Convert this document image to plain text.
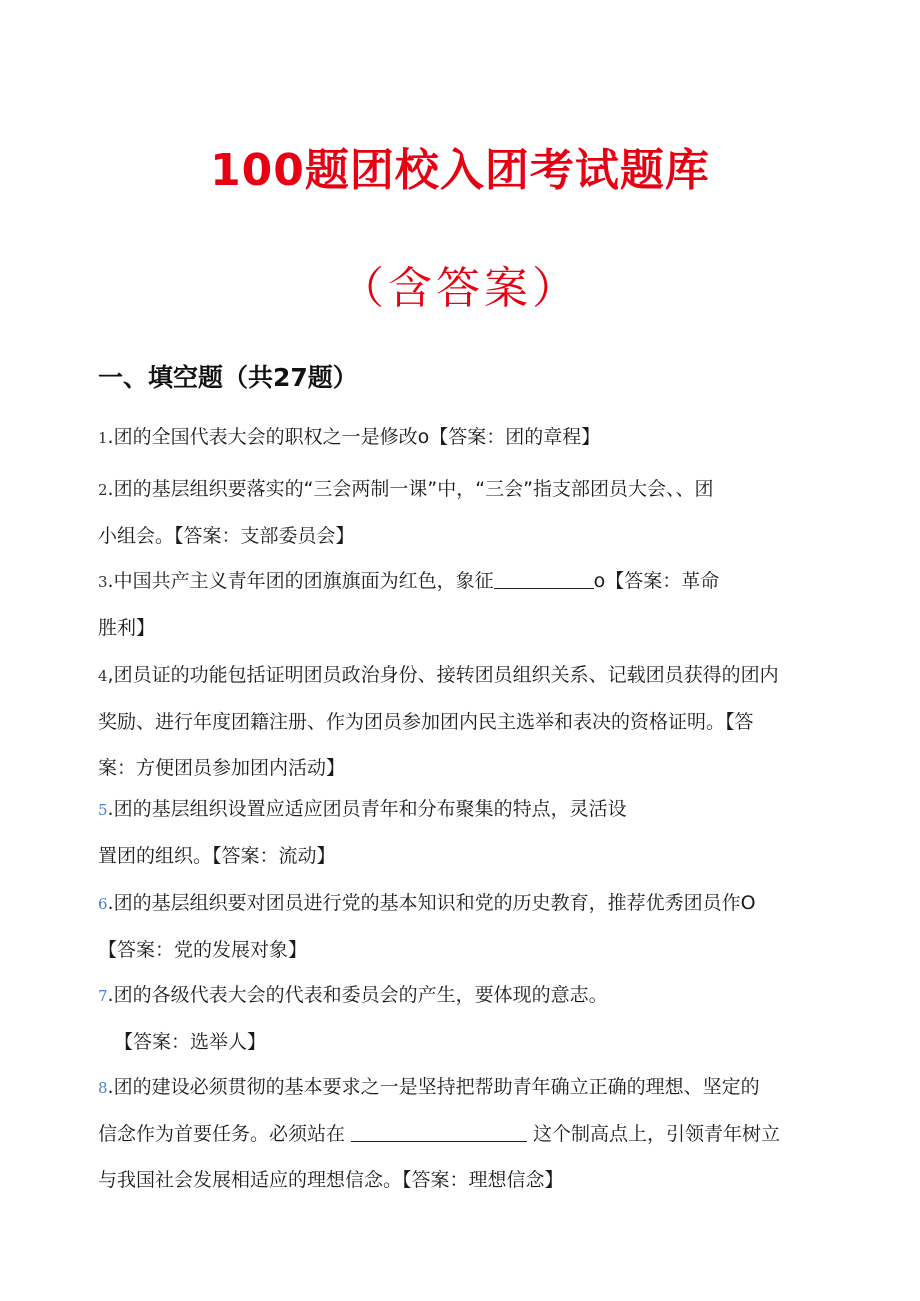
100题团校入团考试题库
（含答案）
一、填空题（共27题）
1.团的全国代表大会的职权之一是修改o【答案：团的章程】
2.团的基层组织要落实的“三会两制一课”中，“三会”指支部团员大会、、团
小组会。【答案：支部委员会】
3.中国共产主义青年团的团旗旗面为红色，象征	o【答案：革命
胜利】
4,团员证的功能包括证明团员政治身份、接转团员组织关系、记载团员获得的团内
奖励、进行年度团籍注册、作为团员参加团内民主选举和表决的资格证明。【答
案：方便团员参加团内活动】
5.团的基层组织设置应适应团员青年和分布聚集的特点，灵活设
置团的组织。【答案：流动】
6.团的基层组织要对团员进行党的基本知识和党的历史教育，推荐优秀团员作O
【答案：党的发展对象】
7.团的各级代表大会的代表和委员会的产生，要体现的意志。
【答案：选举人】
8.团的建设必须贯彻的基本要求之一是坚持把帮助青年确立正确的理想、坚定的
信念作为首要任务。必须站在	这个制高点上，引领青年树立
与我国社会发展相适应的理想信念。【答案：理想信念】
